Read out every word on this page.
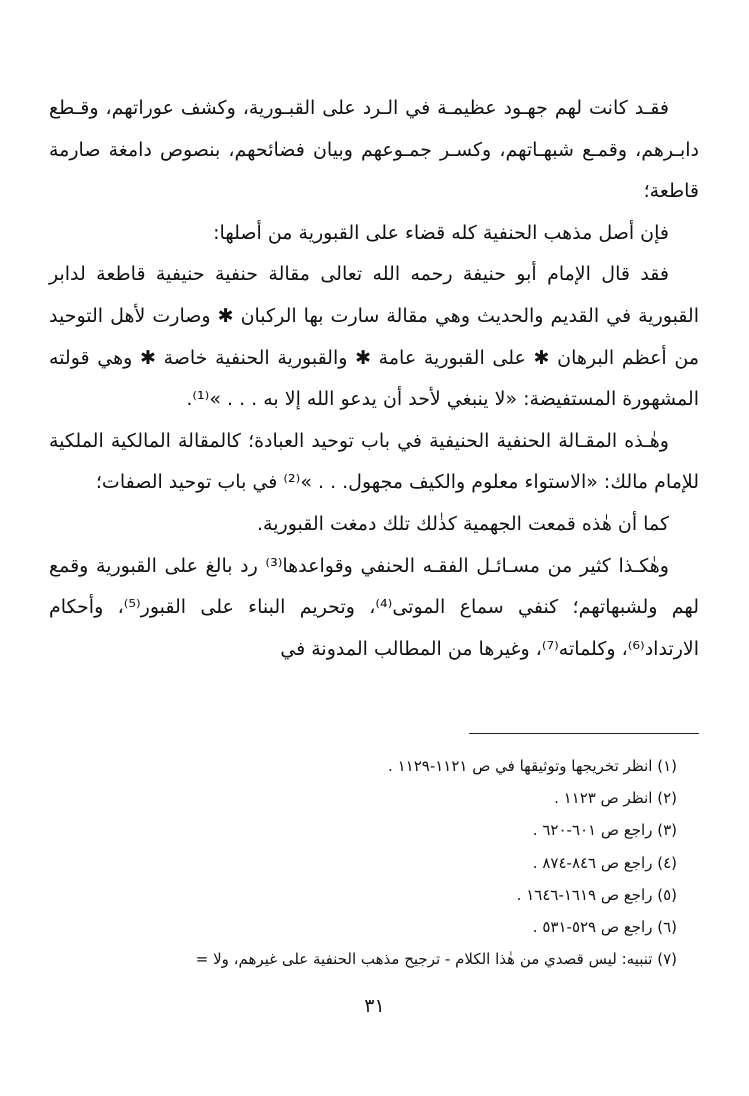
فقـد كانت لهم جهـود عظيمـة في الـرد على القبـورية، وكشف عوراتهم، وقـطع دابـرهم، وقمـع شبهـاتهم، وكسـر جمـوعهم وبيان فضائحهم، بنصوص دامغة صارمة قاطعة؛

فإن أصل مذهب الحنفية كله قضاء على القبورية من أصلها:

فقد قال الإمام أبو حنيفة رحمه الله تعالى مقالة حنفية حنيفية قاطعة لدابر القبورية في القديم والحديث وهي مقالة سارت بها الركبان ✱ وصارت لأهل التوحيد من أعظم البرهان ✱ على القبورية عامة ✱ والقبورية الحنفية خاصة ✱ وهي قولته المشهورة المستفيضة: «لا ينبغي لأحد أن يدعو الله إلا به . . . »⁽¹⁾.

وهٰـذه المقـالة الحنفية الحنيفية في باب توحيد العبادة؛ كالمقالة المالكية الملكية للإمام مالك: «الاستواء معلوم والكيف مجهول. . . »⁽²⁾ في باب توحيد الصفات؛

كما أن هٰذه قمعت الجهمية كذٰلك تلك دمغت القبورية.

وهٰكـذا كثير من مسـائـل الفقـه الحنفي وقواعدها⁽³⁾ رد بالغ على القبورية وقمع لهم ولشبهاتهم؛ كنفي سماع الموتى⁽⁴⁾، وتحريم البناء على القبور⁽⁵⁾، وأحكام الارتداد⁽⁶⁾، وكلماته⁽⁷⁾، وغيرها من المطالب المدونة في

(١) انظر تخريجها وتوثيقها في ص ١١٢١-١١٢٩ .

(٢) انظر ص ١١٢٣ .

(٣) راجع ص ٦٠١-٦٢٠ .

(٤) راجع ص ٨٤٦-٨٧٤ .

(٥) راجع ص ١٦١٩-١٦٤٦ .

(٦) راجع ص ٥٢٩-٥٣١ .

(٧) تنبيه: ليس قصدي من هٰذا الكلام - ترجيح مذهب الحنفية على غيرهم، ولا =

٣١
